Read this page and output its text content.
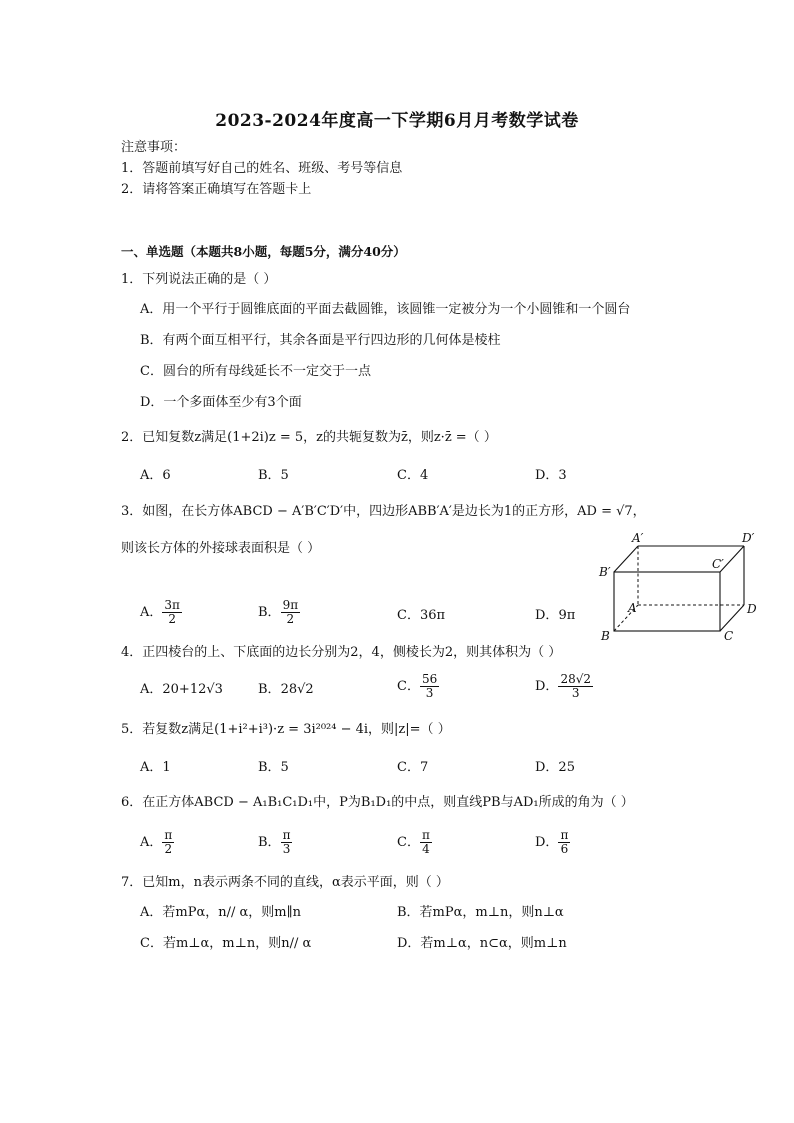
2023-2024年度高一下学期6月月考数学试卷
注意事项：
1．答题前填写好自己的姓名、班级、考号等信息
2．请将答案正确填写在答题卡上
一、单选题（本题共8小题，每题5分，满分40分）
1．下列说法正确的是（ ）
A．用一个平行于圆锥底面的平面去截圆锥，该圆锥一定被分为一个小圆锥和一个圆台
B．有两个面互相平行，其余各面是平行四边形的几何体是棱柱
C．圆台的所有母线延长不一定交于一点
D．一个多面体至少有3个面
2．已知复数z满足(1+2i)z = 5，z的共轭复数为z̄，则z·z̄ =（ ）
A．6	B．5	C．4	D．3
3．如图，在长方体ABCD − A′B′C′D′中，四边形ABB′A′是边长为1的正方形，AD = √7，
则该长方体的外接球表面积是（ ）
A． $\frac{3\pi}{2}$	B． $\frac{9\pi}{2}$	C．36π	D．9π
A′	D′
B′
C′
A	D
B	C
4．正四棱台的上、下底面的边长分别为2，4，侧棱长为2，则其体积为（ ）
A．20+12√3	B．28√2	C． $\frac{56}{3}$	D． $\frac{28√2}{3}$
5．若复数z满足(1+i²+i³)·z = 3i²⁰²⁴ − 4i，则|z|=（ ）
A．1	B．5	C．7	D．25
6．在正方体ABCD − A₁B₁C₁D₁中，P为B₁D₁的中点，则直线PB与AD₁所成的角为（ ）
A． $\frac{\pi}{2}$	B． $\frac{\pi}{3}$	C． $\frac{\pi}{4}$	D． $\frac{\pi}{6}$
7．已知m，n表示两条不同的直线，α表示平面，则（ ）
A．若mPα，n// α，则m∥n	B．若mPα，m⊥n，则n⊥α
C．若m⊥α，m⊥n，则n// α	D．若m⊥α，n⊂α，则m⊥n
